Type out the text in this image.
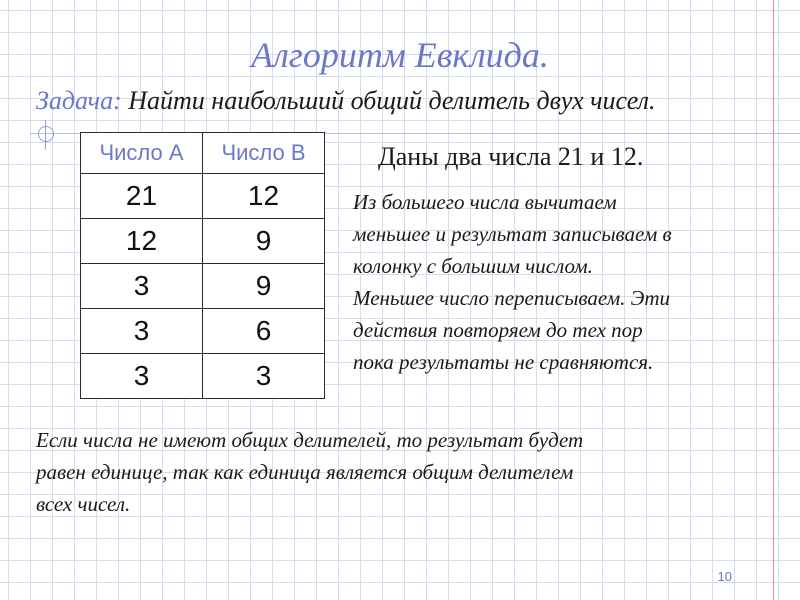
Алгоритм Евклида.
Задача: Найти наибольший общий делитель двух чисел.
Число А	Число В
21	12
12	9
3	9
3	6
3	3
Даны два числа 21 и 12.
Из большего числа вычитаем
меньшее и результат записываем в
колонку с большим числом.
Меньшее число переписываем. Эти
действия повторяем до тех пор
пока результаты не сравняются.
Если числа не имеют общих делителей, то результат будет
равен единице, так как единица является общим делителем
всех чисел.
10
